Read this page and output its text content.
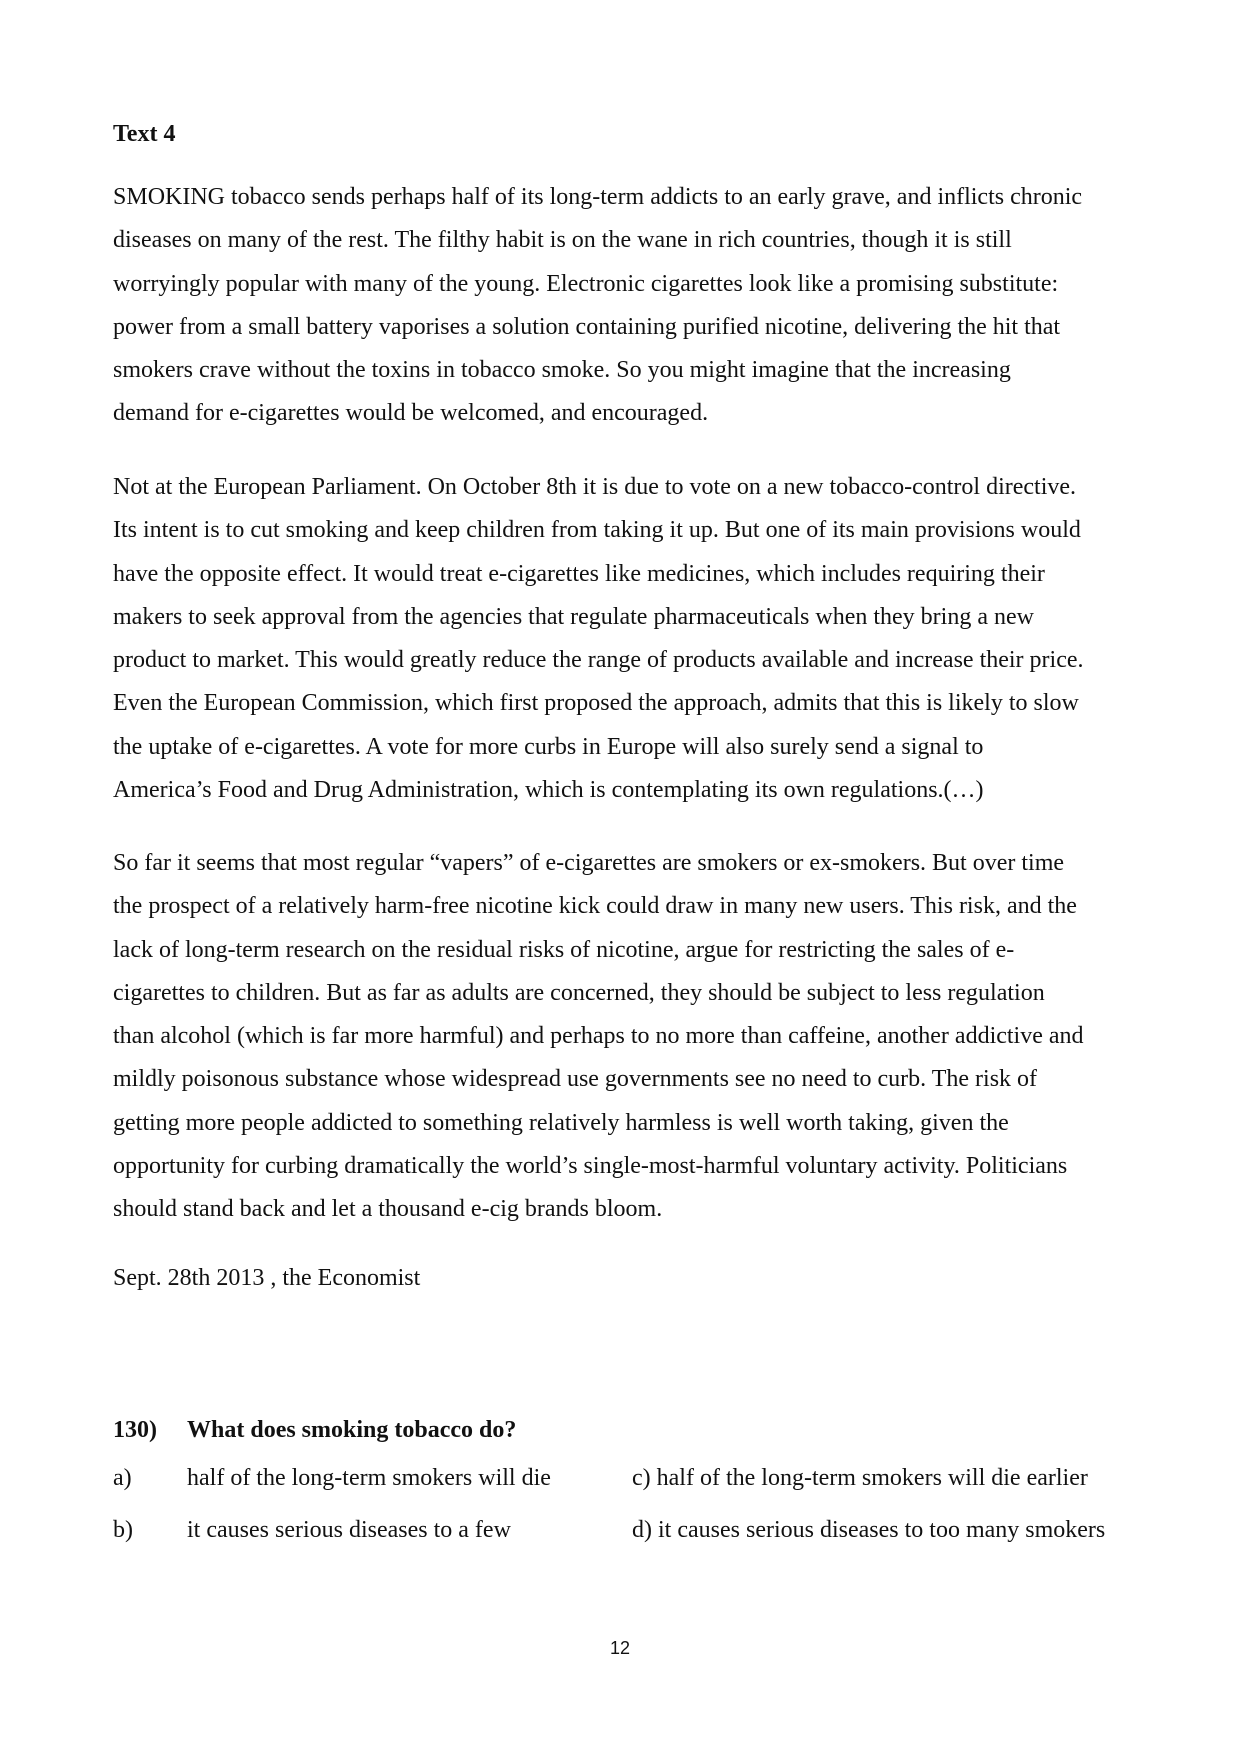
Text 4
SMOKING tobacco sends perhaps half of its long-term addicts to an early grave, and inflicts chronic
diseases on many of the rest. The filthy habit is on the wane in rich countries, though it is still
worryingly popular with many of the young. Electronic cigarettes look like a promising substitute:
power from a small battery vaporises a solution containing purified nicotine, delivering the hit that
smokers crave without the toxins in tobacco smoke. So you might imagine that the increasing
demand for e-cigarettes would be welcomed, and encouraged.
Not at the European Parliament. On October 8th it is due to vote on a new tobacco-control directive.
Its intent is to cut smoking and keep children from taking it up. But one of its main provisions would
have the opposite effect. It would treat e-cigarettes like medicines, which includes requiring their
makers to seek approval from the agencies that regulate pharmaceuticals when they bring a new
product to market. This would greatly reduce the range of products available and increase their price.
Even the European Commission, which first proposed the approach, admits that this is likely to slow
the uptake of e-cigarettes. A vote for more curbs in Europe will also surely send a signal to
America’s Food and Drug Administration, which is contemplating its own regulations.(…)
So far it seems that most regular “vapers” of e-cigarettes are smokers or ex-smokers. But over time
the prospect of a relatively harm-free nicotine kick could draw in many new users. This risk, and the
lack of long-term research on the residual risks of nicotine, argue for restricting the sales of e-
cigarettes to children. But as far as adults are concerned, they should be subject to less regulation
than alcohol (which is far more harmful) and perhaps to no more than caffeine, another addictive and
mildly poisonous substance whose widespread use governments see no need to curb. The risk of
getting more people addicted to something relatively harmless is well worth taking, given the
opportunity for curbing dramatically the world’s single-most-harmful voluntary activity. Politicians
should stand back and let a thousand e-cig brands bloom.
Sept. 28th 2013 , the Economist
130) What does smoking tobacco do?
a) half of the long-term smokers will die	c) half of the long-term smokers will die earlier
b) it causes serious diseases to a few	d) it causes serious diseases to too many smokers
12
